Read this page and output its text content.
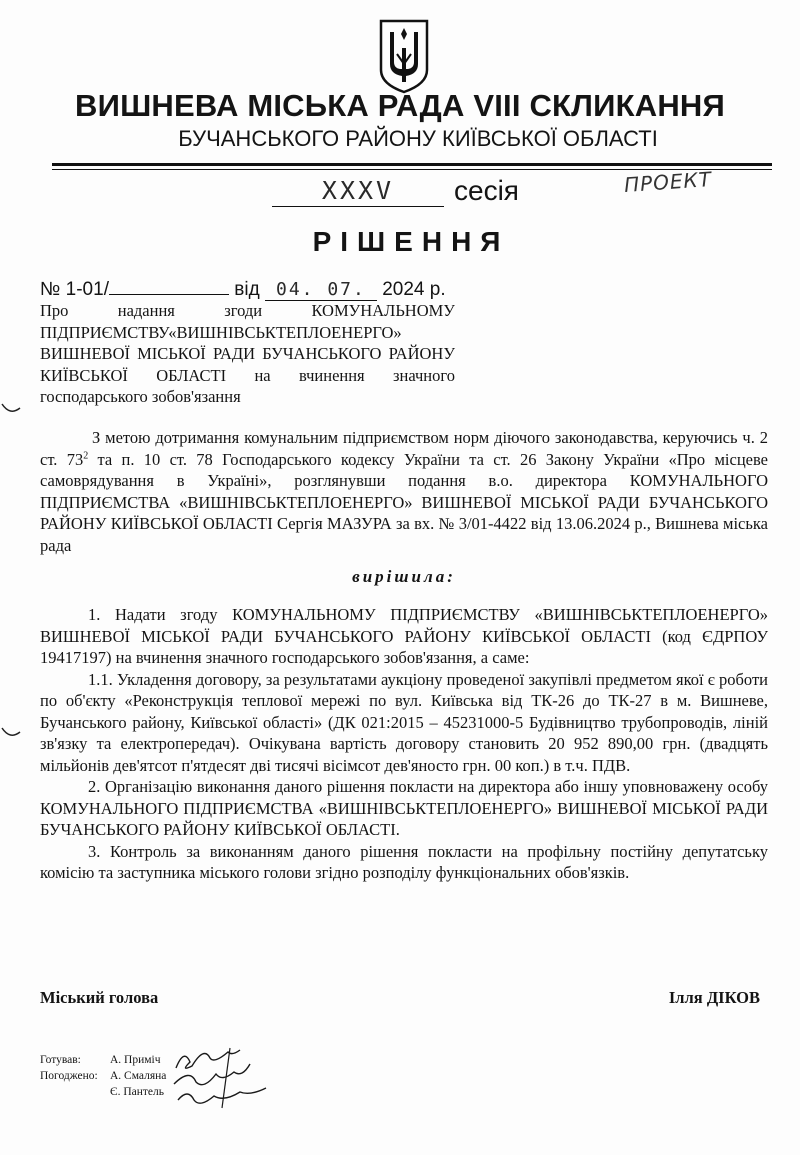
ВИШНЕВА МІСЬКА РАДА VIII СКЛИКАННЯ
БУЧАНСЬКОГО РАЙОНУ КИЇВСЬКОЇ ОБЛАСТІ
XXXV	сесія	ПРОЕКТ
РІШЕННЯ
№ 1-01/	від 04. 07. 2024 р.
Про надання згоди КОМУНАЛЬНОМУ ПІДПРИЄМСТВУ«ВИШНІВСЬКТЕПЛОЕНЕРГО» ВИШНЕВОЇ МІСЬКОЇ РАДИ БУЧАНСЬКОГО РАЙОНУ КИЇВСЬКОЇ ОБЛАСТІ на вчинення значного господарського зобов'язання
З метою дотримання комунальним підприємством норм діючого законодавства, керуючись ч. 2 ст. $73^2$ та п. 10 ст. 78 Господарського кодексу України та ст. 26 Закону України «Про місцеве самоврядування в Україні», розглянувши подання в.о. директора КОМУНАЛЬНОГО ПІДПРИЄМСТВА «ВИШНІВСЬКТЕПЛОЕНЕРГО» ВИШНЕВОЇ МІСЬКОЇ РАДИ БУЧАНСЬКОГО РАЙОНУ КИЇВСЬКОЇ ОБЛАСТІ Сергія МАЗУРА за вх. № 3/01-4422 від 13.06.2024 р., Вишнева міська рада
вирішила:

1. Надати згоду КОМУНАЛЬНОМУ ПІДПРИЄМСТВУ «ВИШНІВСЬКТЕПЛОЕНЕРГО» ВИШНЕВОЇ МІСЬКОЇ РАДИ БУЧАНСЬКОГО РАЙОНУ КИЇВСЬКОЇ ОБЛАСТІ (код ЄДРПОУ 19417197) на вчинення значного господарського зобов'язання, а саме:

1.1. Укладення договору, за результатами аукціону проведеної закупівлі предметом якої є роботи по об'єкту «Реконструкція теплової мережі по вул. Київська від ТК-26 до ТК-27 в м. Вишневе, Бучанського району, Київської області» (ДК 021:2015 – 45231000-5 Будівництво трубопроводів, ліній зв'язку та електропередач). Очікувана вартість договору становить 20 952 890,00 грн. (двадцять мільйонів дев'ятсот п'ятдесят дві тисячі вісімсот дев'яносто грн. 00 коп.) в т.ч. ПДВ.

2. Організацію виконання даного рішення покласти на директора або іншу уповноважену особу КОМУНАЛЬНОГО ПІДПРИЄМСТВА «ВИШНІВСЬКТЕПЛОЕНЕРГО» ВИШНЕВОЇ МІСЬКОЇ РАДИ БУЧАНСЬКОГО РАЙОНУ КИЇВСЬКОЇ ОБЛАСТІ.

3. Контроль за виконанням даного рішення покласти на профільну постійну депутатську комісію та заступника міського голови згідно розподілу функціональних обов'язків.

Міський голова	Ілля ДІКОВ
Готував:	А. Приміч
Погоджено: А. Смаляна
Є. Пантель
